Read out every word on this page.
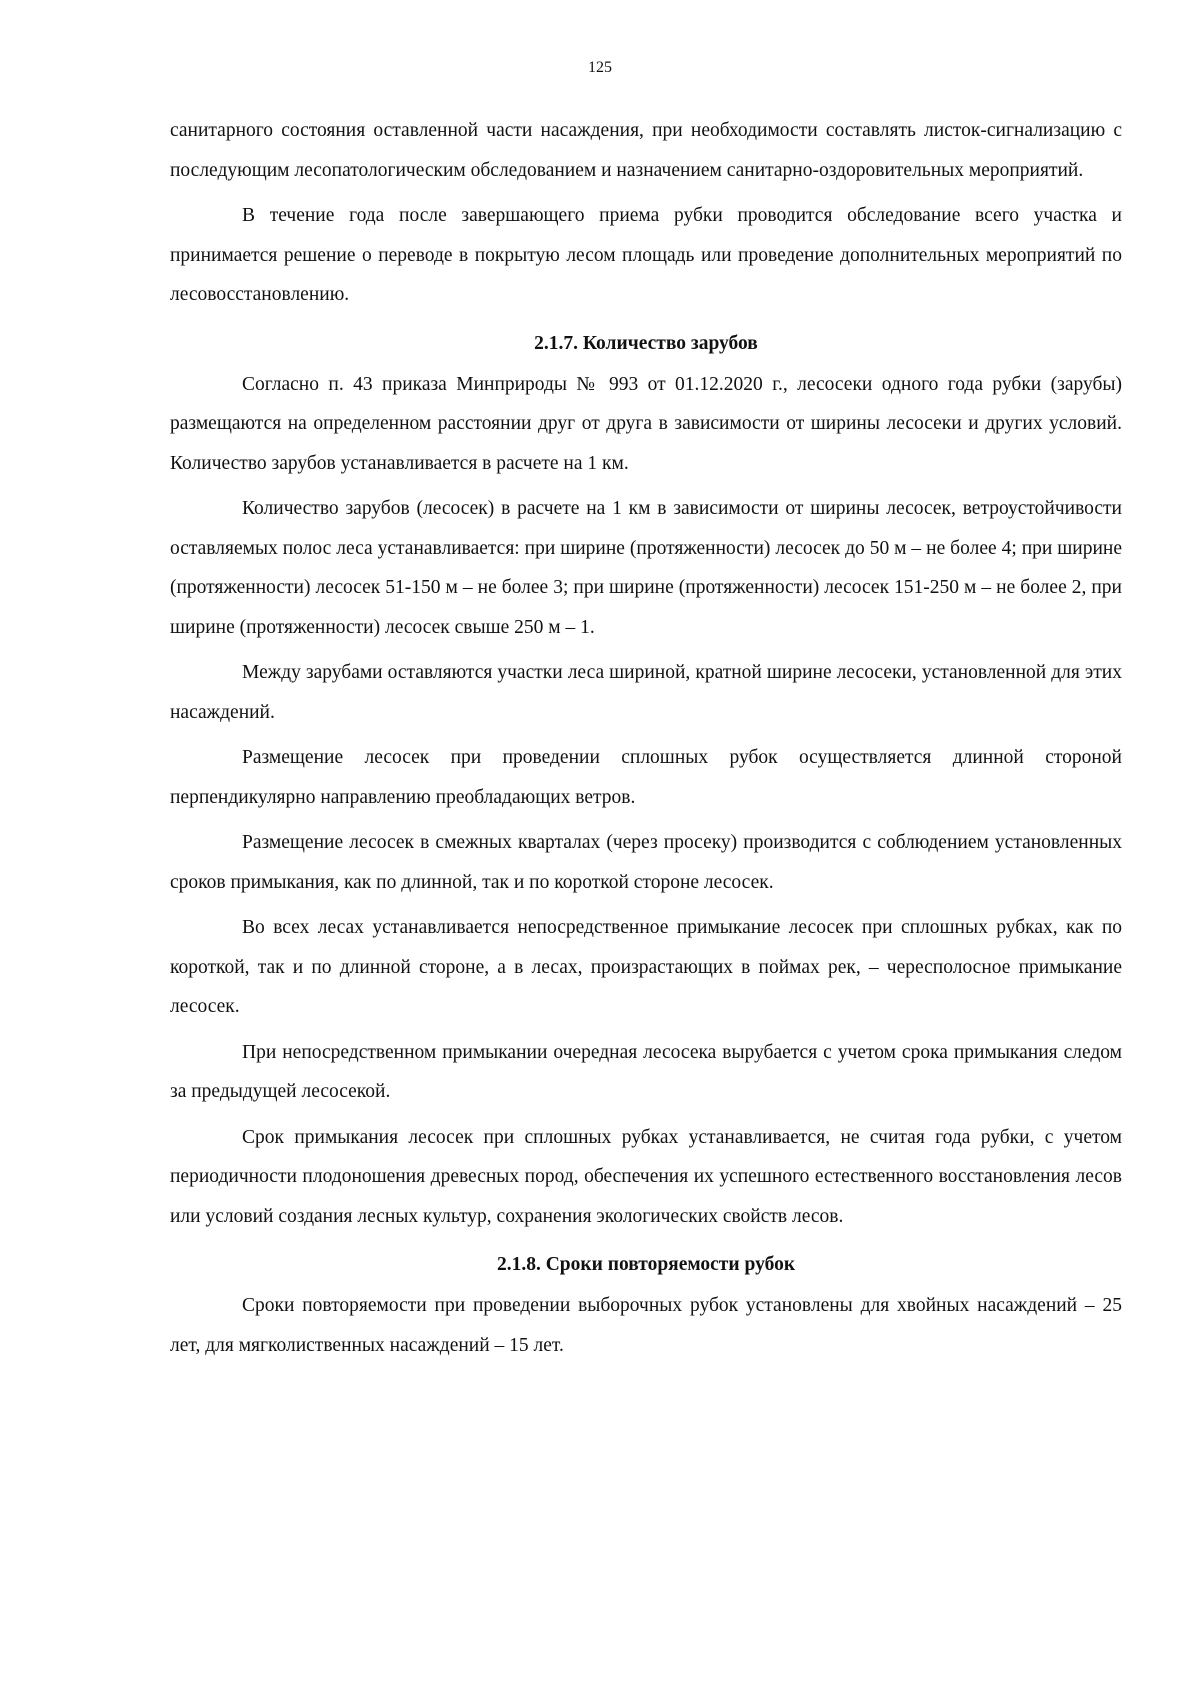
125

санитарного состояния оставленной части насаждения, при необходимости составлять листок-сигнализацию с последующим лесопатологическим обследованием и назначением санитарно-оздоровительных мероприятий.

В течение года после завершающего приема рубки проводится обследование всего участка и принимается решение о переводе в покрытую лесом площадь или проведение дополнительных мероприятий по лесовосстановлению.

2.1.7. Количество зарубов

Согласно п. 43 приказа Минприроды № 993 от 01.12.2020 г., лесосеки одного года рубки (зарубы) размещаются на определенном расстоянии друг от друга в зависимости от ширины лесосеки и других условий. Количество зарубов устанавливается в расчете на 1 км.

Количество зарубов (лесосек) в расчете на 1 км в зависимости от ширины лесосек, ветроустойчивости оставляемых полос леса устанавливается: при ширине (протяженности) лесосек до 50 м – не более 4; при ширине (протяженности) лесосек 51-150 м – не более 3; при ширине (протяженности) лесосек 151-250 м – не более 2, при ширине (протяженности) лесосек свыше 250 м – 1.

Между зарубами оставляются участки леса шириной, кратной ширине лесосеки, установленной для этих насаждений.

Размещение лесосек при проведении сплошных рубок осуществляется длинной стороной перпендикулярно направлению преобладающих ветров.

Размещение лесосек в смежных кварталах (через просеку) производится с соблюдением установленных сроков примыкания, как по длинной, так и по короткой стороне лесосек.

Во всех лесах устанавливается непосредственное примыкание лесосек при сплошных рубках, как по короткой, так и по длинной стороне, а в лесах, произрастающих в поймах рек, – чересполосное примыкание лесосек.

При непосредственном примыкании очередная лесосека вырубается с учетом срока примыкания следом за предыдущей лесосекой.

Срок примыкания лесосек при сплошных рубках устанавливается, не считая года рубки, с учетом периодичности плодоношения древесных пород, обеспечения их успешного естественного восстановления лесов или условий создания лесных культур, сохранения экологических свойств лесов.

2.1.8. Сроки повторяемости рубок

Сроки повторяемости при проведении выборочных рубок установлены для хвойных насаждений – 25 лет, для мягколиственных насаждений – 15 лет.
